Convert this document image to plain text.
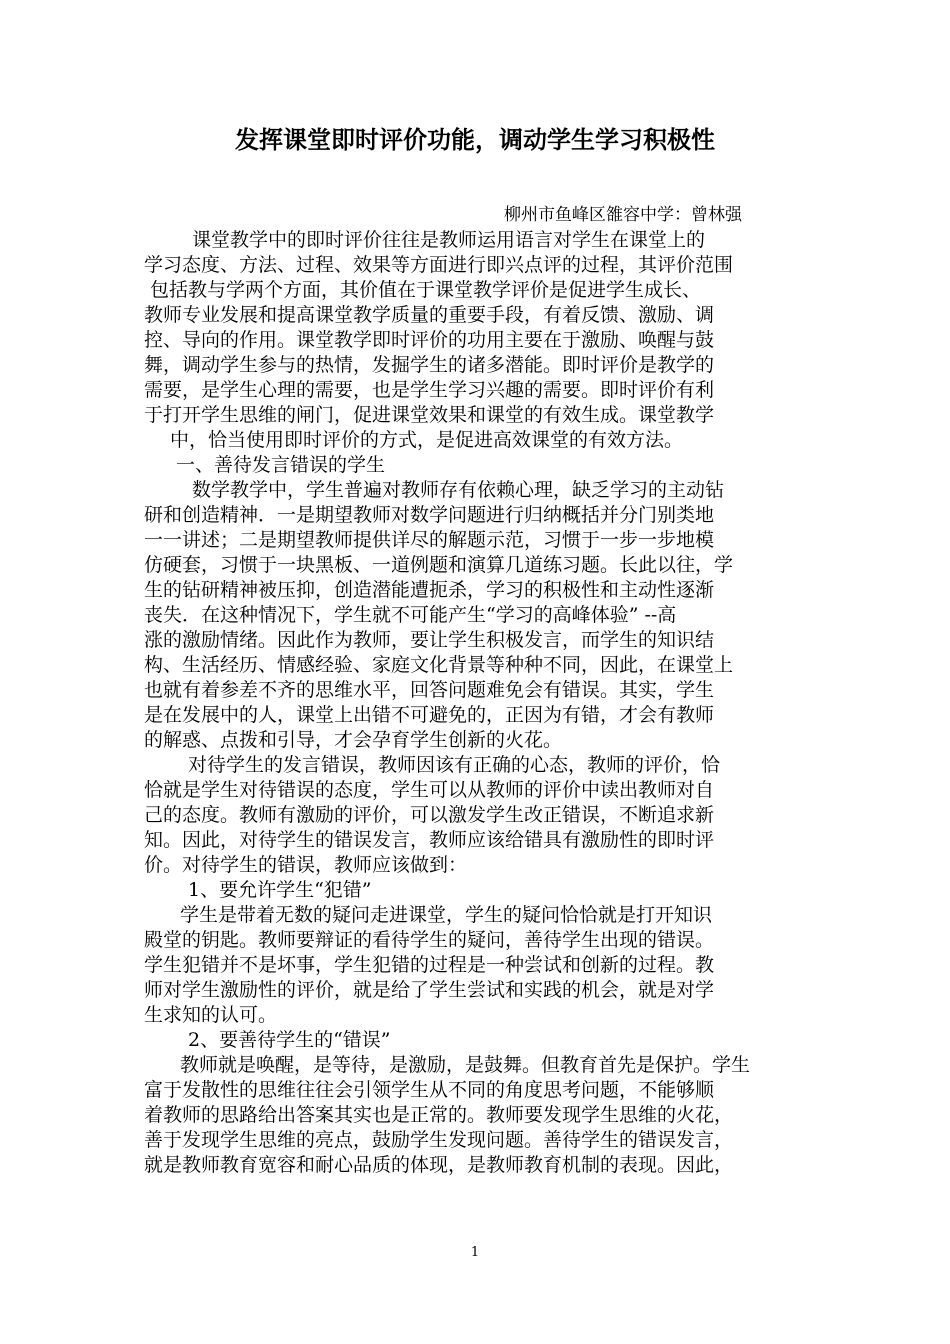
发挥课堂即时评价功能，调动学生学习积极性

柳州市鱼峰区雒容中学：曾林强

课堂教学中的即时评价往往是教师运用语言对学生在课堂上的

学习态度、方法、过程、效果等方面进行即兴点评的过程，其评价范围

包括教与学两个方面，其价值在于课堂教学评价是促进学生成长、

教师专业发展和提高课堂教学质量的重要手段，有着反馈、激励、调

控、导向的作用。课堂教学即时评价的功用主要在于激励、唤醒与鼓

舞，调动学生参与的热情，发掘学生的诸多潜能。即时评价是教学的

需要，是学生心理的需要，也是学生学习兴趣的需要。即时评价有利

于打开学生思维的闸门，促进课堂效果和课堂的有效生成。课堂教学

中，恰当使用即时评价的方式，是促进高效课堂的有效方法。

一、善待发言错误的学生

数学教学中，学生普遍对教师存有依赖心理，缺乏学习的主动钻

研和创造精神．一是期望教师对数学问题进行归纳概括并分门别类地

一一讲述；二是期望教师提供详尽的解题示范，习惯于一步一步地模

仿硬套，习惯于一块黑板、一道例题和演算几道练习题。长此以往，学

生的钻研精神被压抑，创造潜能遭扼杀，学习的积极性和主动性逐渐

丧失．在这种情况下，学生就不可能产生“学习的高峰体验” --高

涨的激励情绪。因此作为教师，要让学生积极发言，而学生的知识结

构、生活经历、情感经验、家庭文化背景等种种不同，因此，在课堂上

也就有着参差不齐的思维水平，回答问题难免会有错误。其实，学生

是在发展中的人，课堂上出错不可避免的，正因为有错，才会有教师

的解惑、点拨和引导，才会孕育学生创新的火花。

对待学生的发言错误，教师因该有正确的心态，教师的评价，恰

恰就是学生对待错误的态度，学生可以从教师的评价中读出教师对自

己的态度。教师有激励的评价，可以激发学生改正错误，不断追求新

知。因此，对待学生的错误发言，教师应该给错具有激励性的即时评

价。对待学生的错误，教师应该做到：

1、要允许学生“犯错”

学生是带着无数的疑问走进课堂，学生的疑问恰恰就是打开知识

殿堂的钥匙。教师要辩证的看待学生的疑问，善待学生出现的错误。

学生犯错并不是坏事，学生犯错的过程是一种尝试和创新的过程。教

师对学生激励性的评价，就是给了学生尝试和实践的机会，就是对学

生求知的认可。

2、要善待学生的“错误”

教师就是唤醒，是等待，是激励，是鼓舞。但教育首先是保护。学生

富于发散性的思维往往会引领学生从不同的角度思考问题，不能够顺

着教师的思路给出答案其实也是正常的。教师要发现学生思维的火花，

善于发现学生思维的亮点，鼓励学生发现问题。善待学生的错误发言，

就是教师教育宽容和耐心品质的体现，是教师教育机制的表现。因此，

1
